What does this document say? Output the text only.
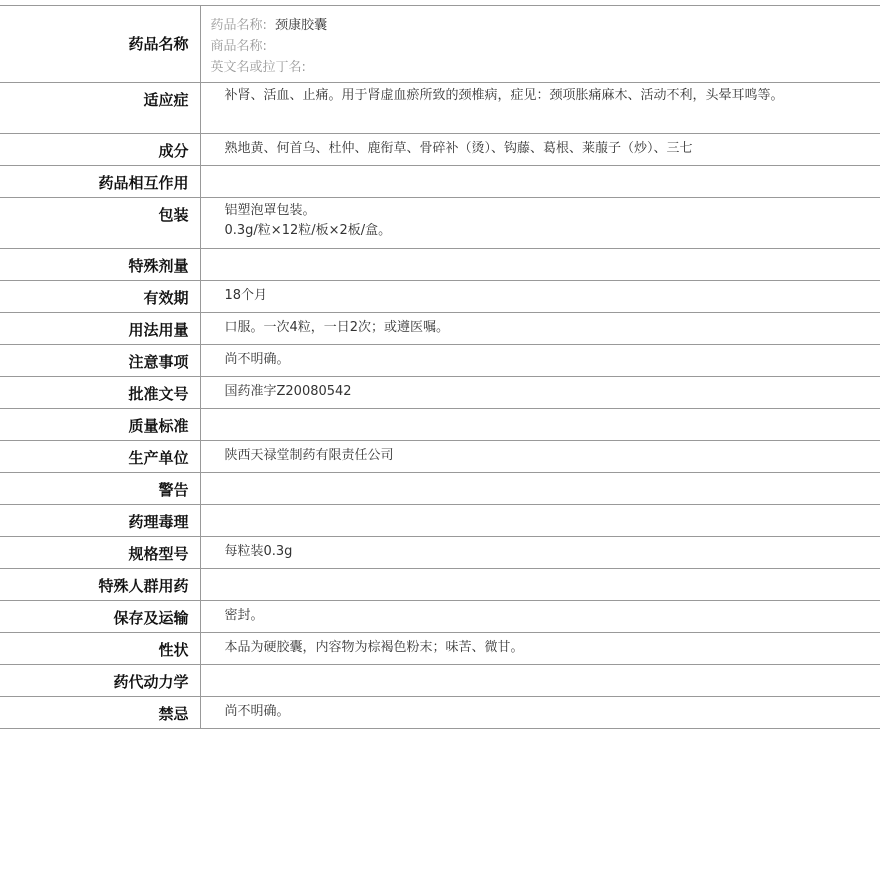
药品名称	药品名称: 颈康胶囊
商品名称:
英文名或拉丁名:

适应症	补肾、活血、止痛。用于肾虚血瘀所致的颈椎病，症见：颈项胀痛麻木、活动不利，头晕耳鸣等。

成分	熟地黄、何首乌、杜仲、鹿衔草、骨碎补（烫）、钩藤、葛根、莱菔子（炒）、三七
药品相互作用	
包装	铝塑泡罩包装。
0.3g/粒×12粒/板×2板/盒。

特殊剂量	
有效期	18个月
用法用量	口服。一次4粒，一日2次；或遵医嘱。
注意事项	尚不明确。
批准文号	国药准字Z20080542
质量标准	
生产单位	陕西天禄堂制药有限责任公司
警告	
药理毒理	
规格型号	每粒装0.3g
特殊人群用药	
保存及运输	密封。
性状	本品为硬胶囊，内容物为棕褐色粉末；味苦、微甘。
药代动力学	
禁忌	尚不明确。
